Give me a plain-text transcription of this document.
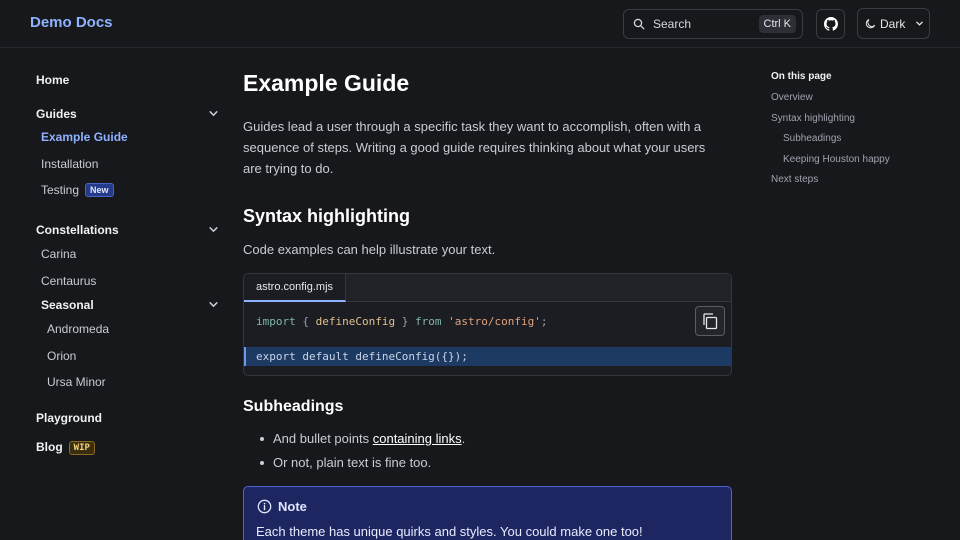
Demo Docs	Search	Ctrl K	Dark
Home
Guides
Example Guide
Installation
Testing New
Constellations
Carina
Centaurus
Seasonal
Andromeda
Orion
Ursa Minor
Playground
Blog WIP
Example Guide

Guides lead a user through a specific task they want to accomplish, often with a sequence of steps. Writing a good guide requires thinking about what your users are trying to do.

Syntax highlighting

Code examples can help illustrate your text.

astro.config.mjs
import { defineConfig } from 'astro/config';
export default defineConfig({});
Subheadings
And bullet points containing links.
Or not, plain text is fine too.
Note
Each theme has unique quirks and styles. You could make one too!
On this page
Overview
Syntax highlighting
Subheadings
Keeping Houston happy
Next steps
